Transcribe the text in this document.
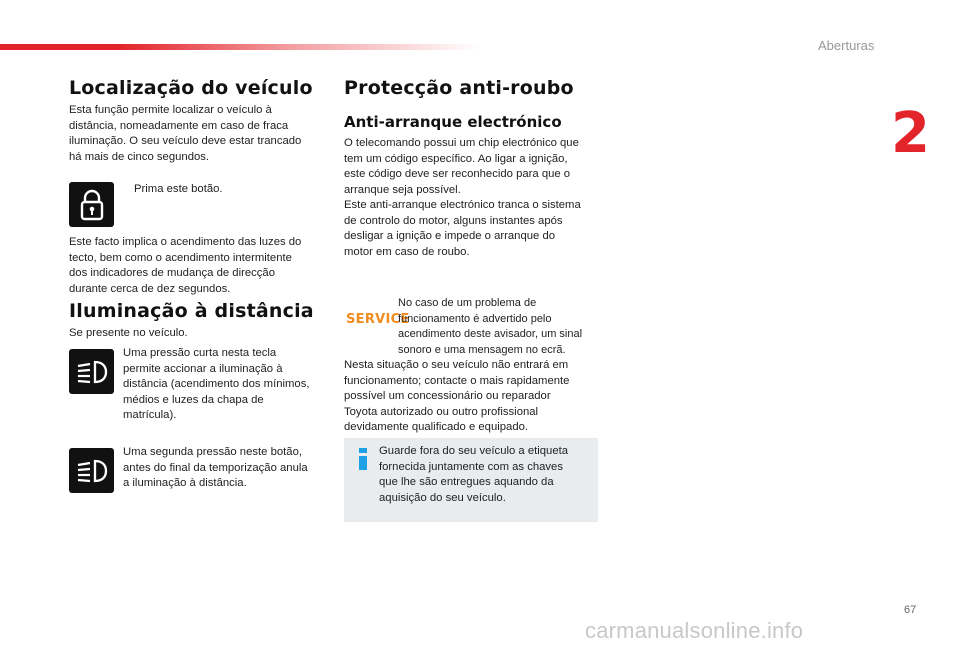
Aberturas
2
Localização do veículo
Esta função permite localizar o veículo à
distância, nomeadamente em caso de fraca
iluminação. O seu veículo deve estar trancado
há mais de cinco segundos.
Prima este botão.
Este facto implica o acendimento das luzes do
tecto, bem como o acendimento intermitente
dos indicadores de mudança de direcção
durante cerca de dez segundos.
Iluminação à distância
Se presente no veículo.
Uma pressão curta nesta tecla
permite accionar a iluminação à
distância (acendimento dos mínimos,
médios e luzes da chapa de
matrícula).
Uma segunda pressão neste botão,
antes do final da temporização anula
a iluminação à distância.
Protecção anti-roubo
Anti-arranque electrónico
O telecomando possui um chip electrónico que
tem um código específico. Ao ligar a ignição,
este código deve ser reconhecido para que o
arranque seja possível.
Este anti-arranque electrónico tranca o sistema
de controlo do motor, alguns instantes após
desligar a ignição e impede o arranque do
motor em caso de roubo.
SERVICE
No caso de um problema de
funcionamento é advertido pelo
acendimento deste avisador, um sinal
sonoro e uma mensagem no ecrã.
Nesta situação o seu veículo não entrará em
funcionamento; contacte o mais rapidamente
possível um concessionário ou reparador
Toyota autorizado ou outro profissional
devidamente qualificado e equipado.
Guarde fora do seu veículo a etiqueta
fornecida juntamente com as chaves
que lhe são entregues aquando da
aquisição do seu veículo.
67
carmanualsonline.info
